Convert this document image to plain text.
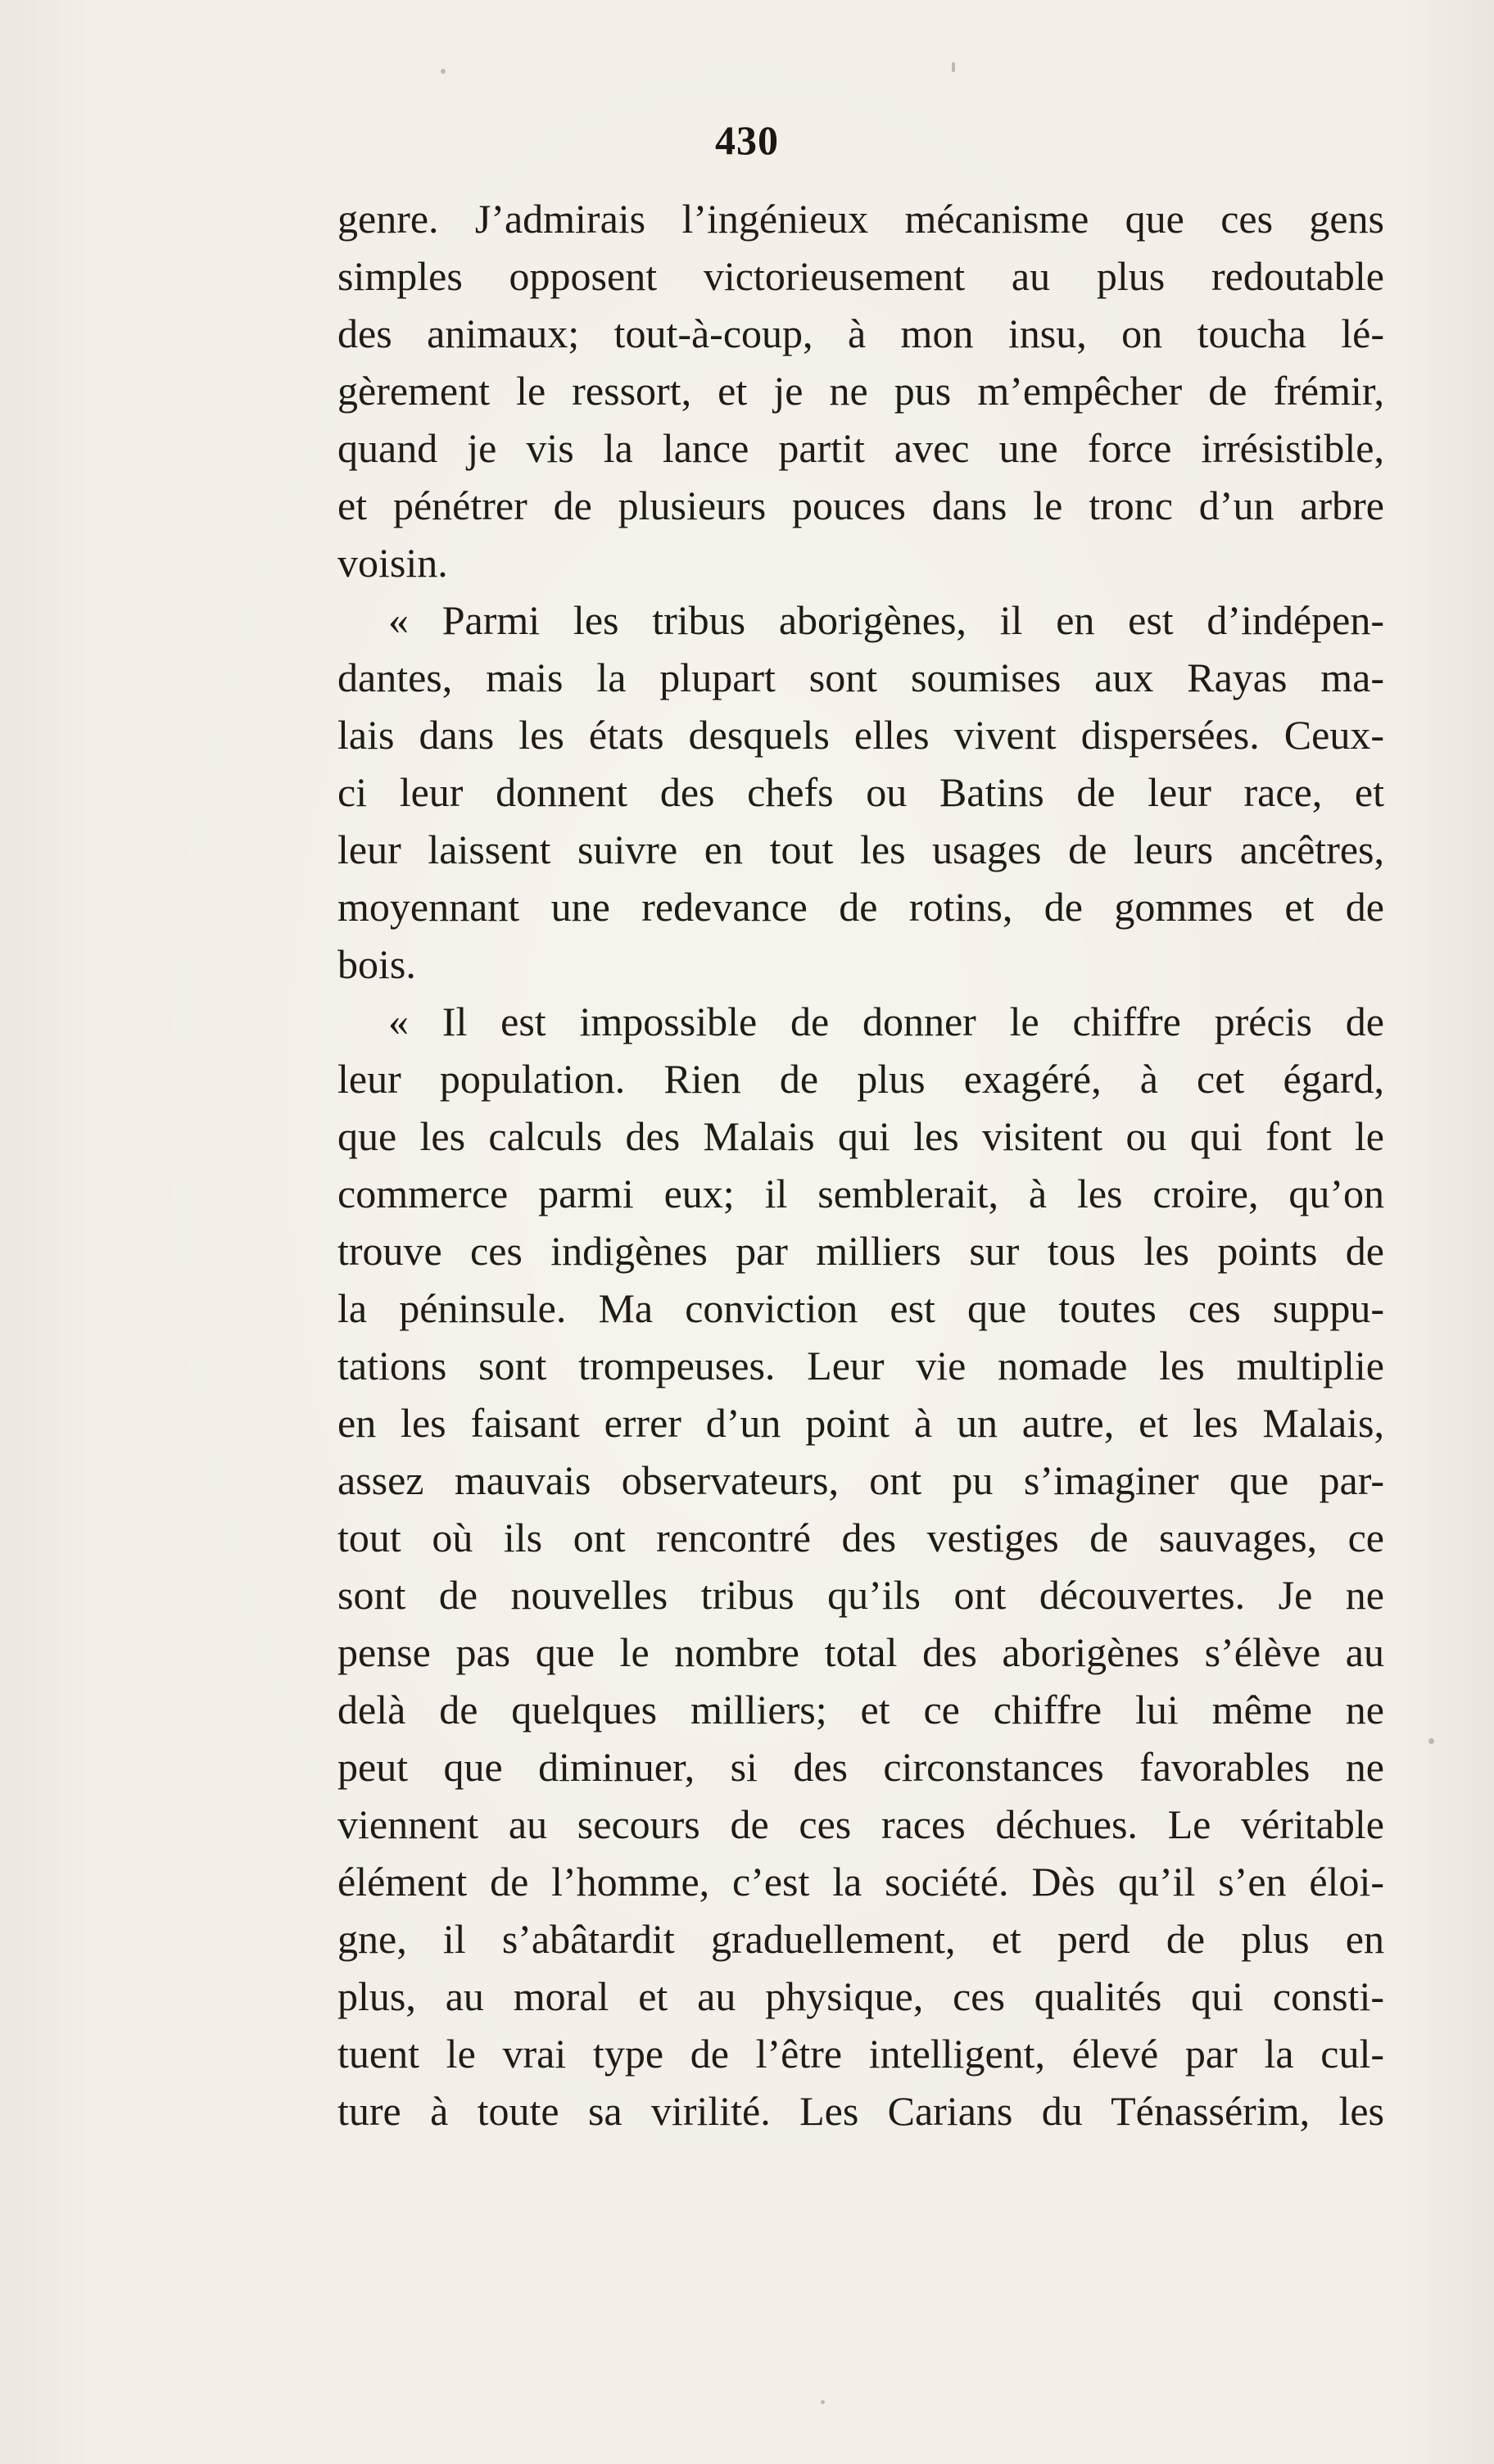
430
genre. J’admirais l’ingénieux mécanisme que ces gens
simples opposent victorieusement au plus redoutable
des animaux; tout-à-coup, à mon insu, on toucha lé-
gèrement le ressort, et je ne pus m’empêcher de frémir,
quand je vis la lance partit avec une force irrésistible,
et pénétrer de plusieurs pouces dans le tronc d’un arbre
voisin.
« Parmi les tribus aborigènes, il en est d’indépen-
dantes, mais la plupart sont soumises aux Rayas ma-
lais dans les états desquels elles vivent dispersées. Ceux-
ci leur donnent des chefs ou Batins de leur race, et
leur laissent suivre en tout les usages de leurs ancêtres,
moyennant une redevance de rotins, de gommes et de
bois.
« Il est impossible de donner le chiffre précis de
leur population. Rien de plus exagéré, à cet égard,
que les calculs des Malais qui les visitent ou qui font le
commerce parmi eux; il semblerait, à les croire, qu’on
trouve ces indigènes par milliers sur tous les points de
la péninsule. Ma conviction est que toutes ces suppu-
tations sont trompeuses. Leur vie nomade les multiplie
en les faisant errer d’un point à un autre, et les Malais,
assez mauvais observateurs, ont pu s’imaginer que par-
tout où ils ont rencontré des vestiges de sauvages, ce
sont de nouvelles tribus qu’ils ont découvertes. Je ne
pense pas que le nombre total des aborigènes s’élève au
delà de quelques milliers; et ce chiffre lui même ne
peut que diminuer, si des circonstances favorables ne
viennent au secours de ces races déchues. Le véritable
élément de l’homme, c’est la société. Dès qu’il s’en éloi-
gne, il s’abâtardit graduellement, et perd de plus en
plus, au moral et au physique, ces qualités qui consti-
tuent le vrai type de l’être intelligent, élevé par la cul-
ture à toute sa virilité. Les Carians du Ténassérim, les
